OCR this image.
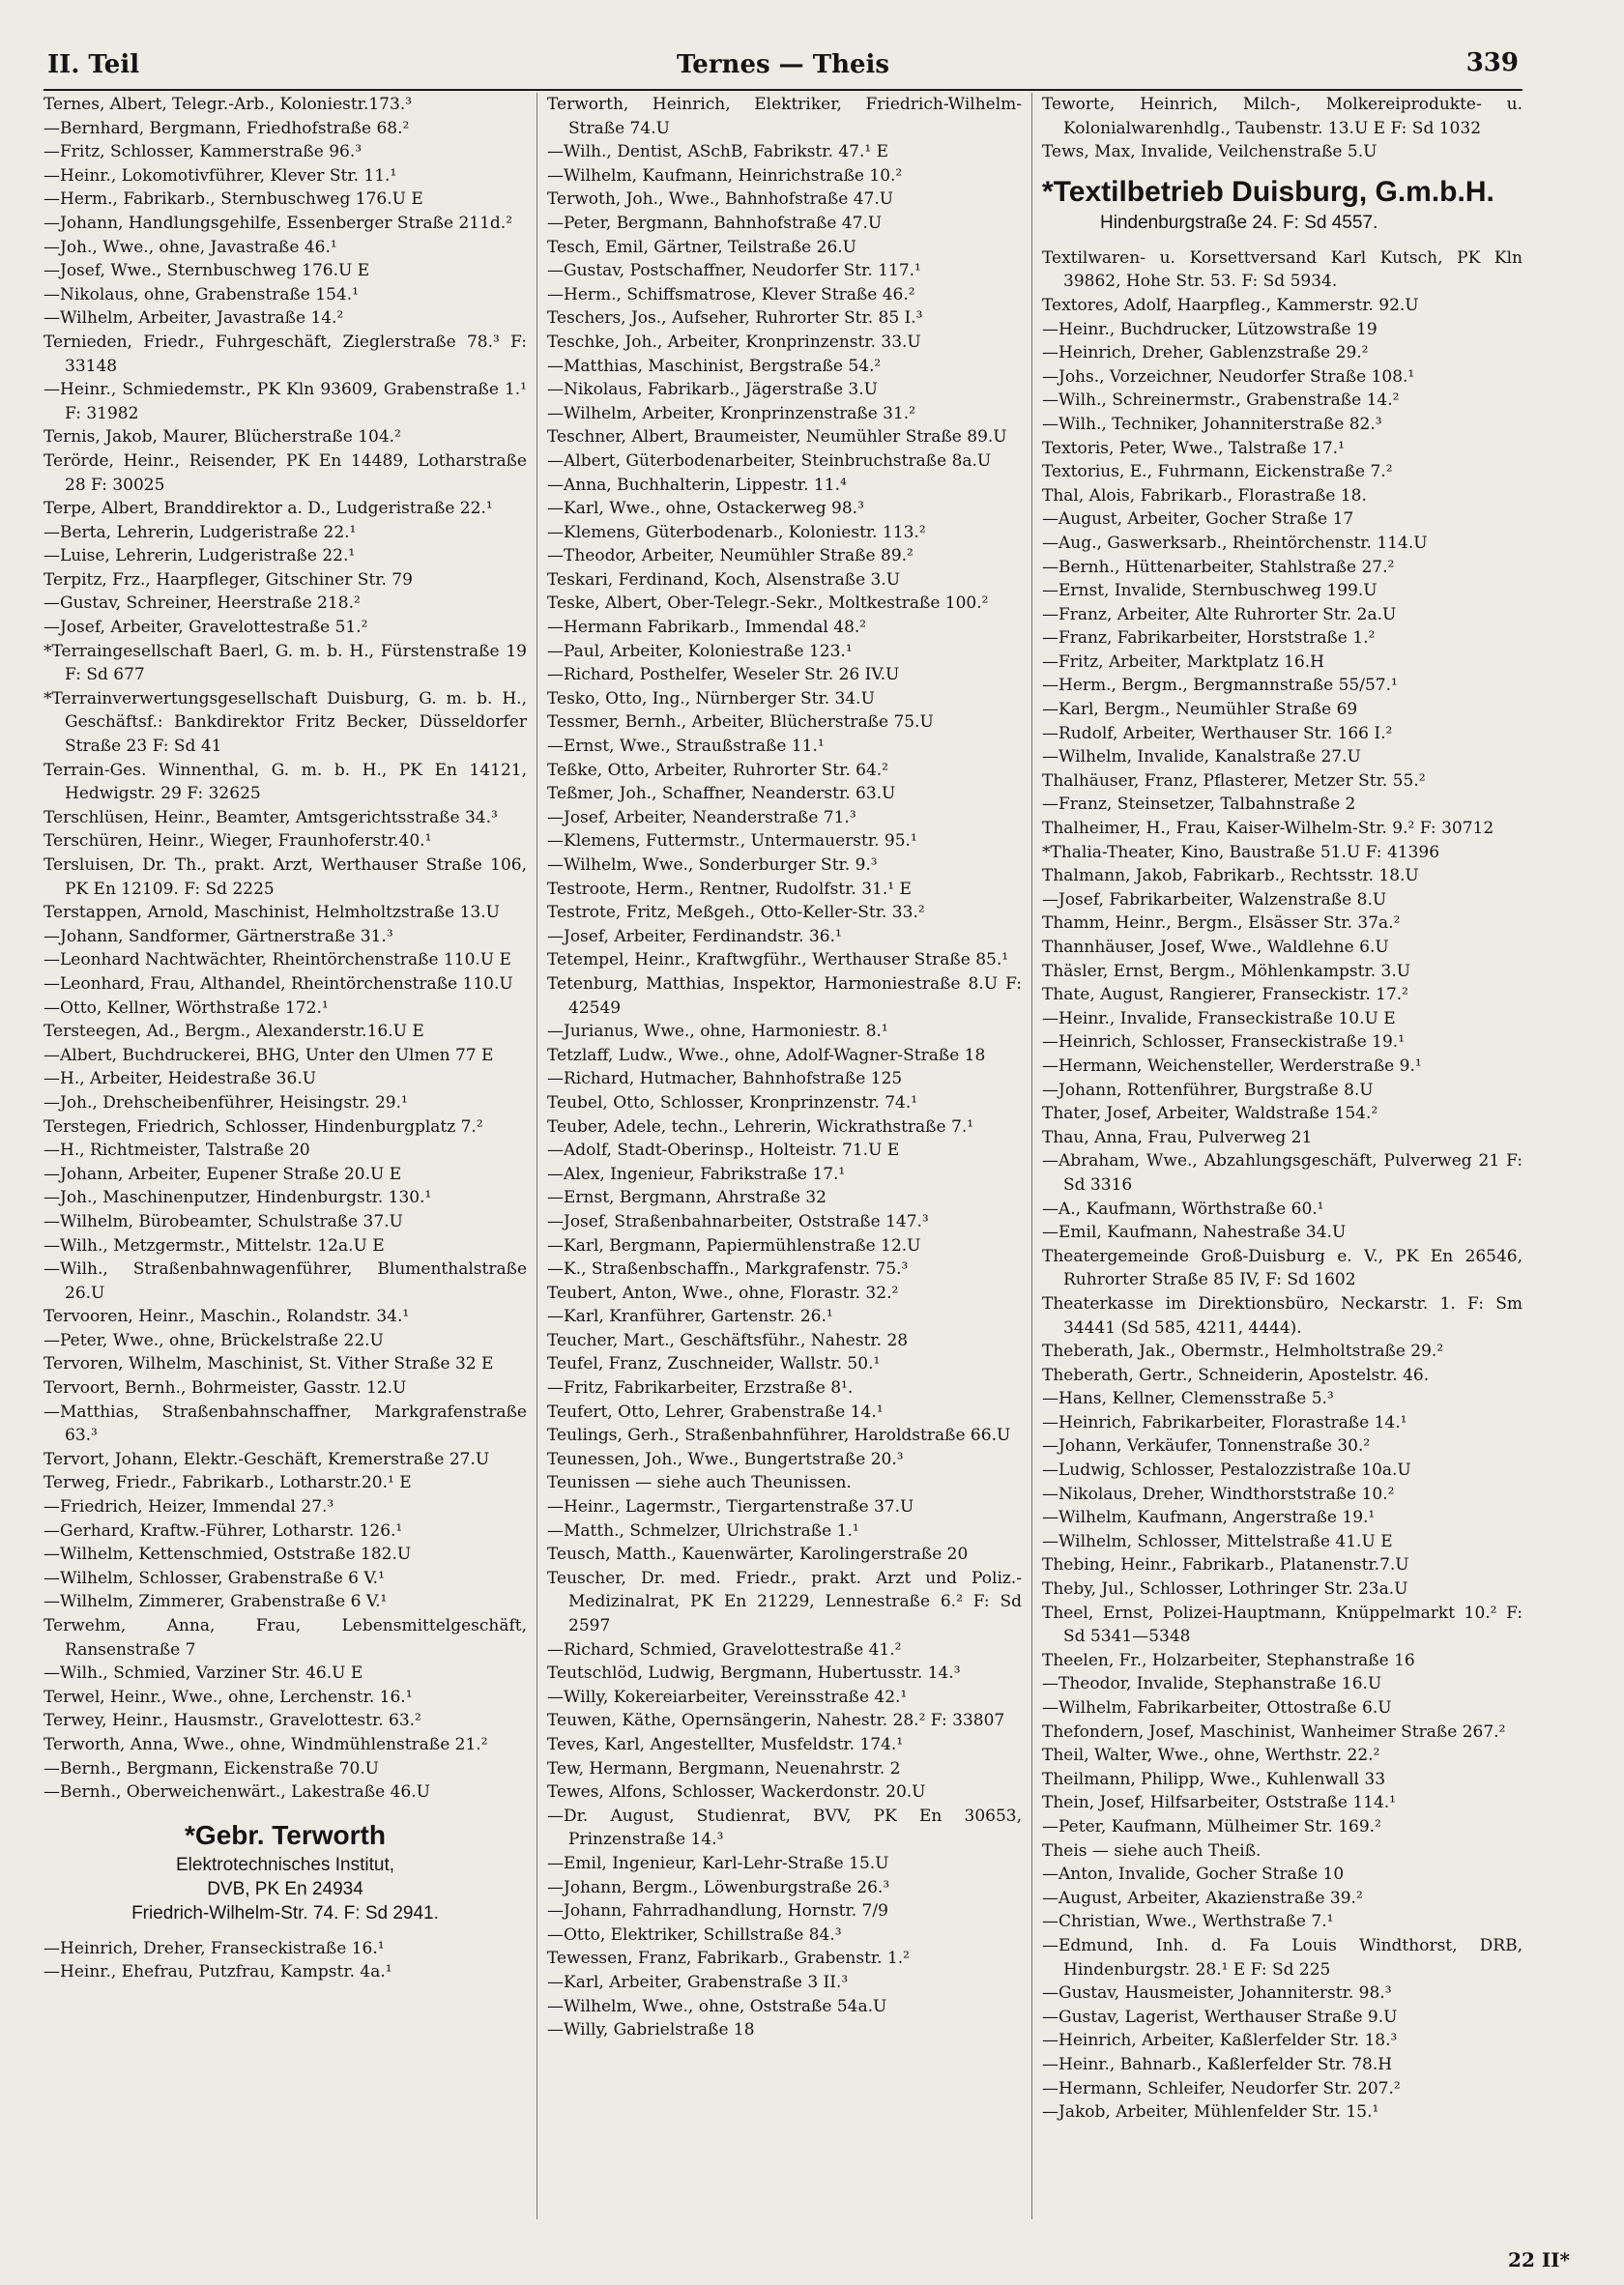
II. Teil	Ternes — Theis	339

Ternes, Albert, Telegr.-Arb., Koloniestr.173.³

—Bernhard, Bergmann, Friedhofstraße 68.²

—Fritz, Schlosser, Kammerstraße 96.³

—Heinr., Lokomotivführer, Klever Str. 11.¹

—Herm., Fabrikarb., Sternbuschweg 176.U E

—Johann, Handlungsgehilfe, Essenberger Straße 211d.²

—Joh., Wwe., ohne, Javastraße 46.¹

—Josef, Wwe., Sternbuschweg 176.U E

—Nikolaus, ohne, Grabenstraße 154.¹

—Wilhelm, Arbeiter, Javastraße 14.²

Ternieden, Friedr., Fuhrgeschäft, Zieglerstraße 78.³ F: 33148

—Heinr., Schmiedemstr., PK Kln 93609, Grabenstraße 1.¹ F: 31982

Ternis, Jakob, Maurer, Blücherstraße 104.²

Terörde, Heinr., Reisender, PK En 14489, Lotharstraße 28 F: 30025

Terpe, Albert, Branddirektor a. D., Ludgeristraße 22.¹

—Berta, Lehrerin, Ludgeristraße 22.¹

—Luise, Lehrerin, Ludgeristraße 22.¹

Terpitz, Frz., Haarpfleger, Gitschiner Str. 79

—Gustav, Schreiner, Heerstraße 218.²

—Josef, Arbeiter, Gravelottestraße 51.²

*Terraingesellschaft Baerl, G. m. b. H., Fürstenstraße 19 F: Sd 677

*Terrainverwertungsgesellschaft Duisburg, G. m. b. H., Geschäftsf.: Bankdirektor Fritz Becker, Düsseldorfer Straße 23 F: Sd 41

Terrain-Ges. Winnenthal, G. m. b. H., PK En 14121, Hedwigstr. 29 F: 32625

Terschlüsen, Heinr., Beamter, Amtsgerichtsstraße 34.³

Terschüren, Heinr., Wieger, Fraunhoferstr.40.¹

Tersluisen, Dr. Th., prakt. Arzt, Werthauser Straße 106, PK En 12109. F: Sd 2225

Terstappen, Arnold, Maschinist, Helmholtzstraße 13.U

—Johann, Sandformer, Gärtnerstraße 31.³

—Leonhard Nachtwächter, Rheintörchenstraße 110.U E

—Leonhard, Frau, Althandel, Rheintörchenstraße 110.U

—Otto, Kellner, Wörthstraße 172.¹

Tersteegen, Ad., Bergm., Alexanderstr.16.U E

—Albert, Buchdruckerei, BHG, Unter den Ulmen 77 E

—H., Arbeiter, Heidestraße 36.U

—Joh., Drehscheibenführer, Heisingstr. 29.¹

Terstegen, Friedrich, Schlosser, Hindenburgplatz 7.²

—H., Richtmeister, Talstraße 20

—Johann, Arbeiter, Eupener Straße 20.U E

—Joh., Maschinenputzer, Hindenburgstr. 130.¹

—Wilhelm, Bürobeamter, Schulstraße 37.U

—Wilh., Metzgermstr., Mittelstr. 12a.U E

—Wilh., Straßenbahnwagenführer, Blumenthalstraße 26.U

Tervooren, Heinr., Maschin., Rolandstr. 34.¹

—Peter, Wwe., ohne, Brückelstraße 22.U

Tervoren, Wilhelm, Maschinist, St. Vither Straße 32 E

Tervoort, Bernh., Bohrmeister, Gasstr. 12.U

—Matthias, Straßenbahnschaffner, Markgrafenstraße 63.³

Tervort, Johann, Elektr.-Geschäft, Kremerstraße 27.U

Terweg, Friedr., Fabrikarb., Lotharstr.20.¹ E

—Friedrich, Heizer, Immendal 27.³

—Gerhard, Kraftw.-Führer, Lotharstr. 126.¹

—Wilhelm, Kettenschmied, Oststraße 182.U

—Wilhelm, Schlosser, Grabenstraße 6 V.¹

—Wilhelm, Zimmerer, Grabenstraße 6 V.¹

Terwehm, Anna, Frau, Lebensmittelgeschäft, Ransenstraße 7

—Wilh., Schmied, Varziner Str. 46.U E

Terwel, Heinr., Wwe., ohne, Lerchenstr. 16.¹

Terwey, Heinr., Hausmstr., Gravelottestr. 63.²

Terworth, Anna, Wwe., ohne, Windmühlenstraße 21.²

—Bernh., Bergmann, Eickenstraße 70.U

—Bernh., Oberweichenwärt., Lakestraße 46.U

*Gebr. Terworth
Elektrotechnisches Institut,
DVB, PK En 24934
Friedrich-Wilhelm-Str. 74. F: Sd 2941.

—Heinrich, Dreher, Franseckistraße 16.¹

—Heinr., Ehefrau, Putzfrau, Kampstr. 4a.¹

Terworth, Heinrich, Elektriker, Friedrich-Wilhelm-Straße 74.U

—Wilh., Dentist, ASchB, Fabrikstr. 47.¹ E

—Wilhelm, Kaufmann, Heinrichstraße 10.²

Terwoth, Joh., Wwe., Bahnhofstraße 47.U

—Peter, Bergmann, Bahnhofstraße 47.U

Tesch, Emil, Gärtner, Teilstraße 26.U

—Gustav, Postschaffner, Neudorfer Str. 117.¹

—Herm., Schiffsmatrose, Klever Straße 46.²

Teschers, Jos., Aufseher, Ruhrorter Str. 85 I.³

Teschke, Joh., Arbeiter, Kronprinzenstr. 33.U

—Matthias, Maschinist, Bergstraße 54.²

—Nikolaus, Fabrikarb., Jägerstraße 3.U

—Wilhelm, Arbeiter, Kronprinzenstraße 31.²

Teschner, Albert, Braumeister, Neumühler Straße 89.U

—Albert, Güterbodenarbeiter, Steinbruchstraße 8a.U

—Anna, Buchhalterin, Lippestr. 11.⁴

—Karl, Wwe., ohne, Ostackerweg 98.³

—Klemens, Güterbodenarb., Koloniestr. 113.²

—Theodor, Arbeiter, Neumühler Straße 89.²

Teskari, Ferdinand, Koch, Alsenstraße 3.U

Teske, Albert, Ober-Telegr.-Sekr., Moltkestraße 100.²

—Hermann Fabrikarb., Immendal 48.²

—Paul, Arbeiter, Koloniestraße 123.¹

—Richard, Posthelfer, Weseler Str. 26 IV.U

Tesko, Otto, Ing., Nürnberger Str. 34.U

Tessmer, Bernh., Arbeiter, Blücherstraße 75.U

—Ernst, Wwe., Straußstraße 11.¹

Teßke, Otto, Arbeiter, Ruhrorter Str. 64.²

Teßmer, Joh., Schaffner, Neanderstr. 63.U

—Josef, Arbeiter, Neanderstraße 71.³

—Klemens, Futtermstr., Untermauerstr. 95.¹

—Wilhelm, Wwe., Sonderburger Str. 9.³

Testroote, Herm., Rentner, Rudolfstr. 31.¹ E

Testrote, Fritz, Meßgeh., Otto-Keller-Str. 33.²

—Josef, Arbeiter, Ferdinandstr. 36.¹

Tetempel, Heinr., Kraftwgführ., Werthauser Straße 85.¹

Tetenburg, Matthias, Inspektor, Harmoniestraße 8.U F: 42549

—Jurianus, Wwe., ohne, Harmoniestr. 8.¹

Tetzlaff, Ludw., Wwe., ohne, Adolf-Wagner-Straße 18

—Richard, Hutmacher, Bahnhofstraße 125

Teubel, Otto, Schlosser, Kronprinzenstr. 74.¹

Teuber, Adele, techn., Lehrerin, Wickrathstraße 7.¹

—Adolf, Stadt-Oberinsp., Holteistr. 71.U E

—Alex, Ingenieur, Fabrikstraße 17.¹

—Ernst, Bergmann, Ahrstraße 32

—Josef, Straßenbahnarbeiter, Oststraße 147.³

—Karl, Bergmann, Papiermühlenstraße 12.U

—K., Straßenbschaffn., Markgrafenstr. 75.³

Teubert, Anton, Wwe., ohne, Florastr. 32.²

—Karl, Kranführer, Gartenstr. 26.¹

Teucher, Mart., Geschäftsführ., Nahestr. 28

Teufel, Franz, Zuschneider, Wallstr. 50.¹

—Fritz, Fabrikarbeiter, Erzstraße 8¹.

Teufert, Otto, Lehrer, Grabenstraße 14.¹

Teulings, Gerh., Straßenbahnführer, Haroldstraße 66.U

Teunessen, Joh., Wwe., Bungertstraße 20.³

Teunissen — siehe auch Theunissen.

—Heinr., Lagermstr., Tiergartenstraße 37.U

—Matth., Schmelzer, Ulrichstraße 1.¹

Teusch, Matth., Kauenwärter, Karolingerstraße 20

Teuscher, Dr. med. Friedr., prakt. Arzt und Poliz.-Medizinalrat, PK En 21229, Lennestraße 6.² F: Sd 2597

—Richard, Schmied, Gravelottestraße 41.²

Teutschlöd, Ludwig, Bergmann, Hubertusstr. 14.³

—Willy, Kokereiarbeiter, Vereinsstraße 42.¹

Teuwen, Käthe, Opernsängerin, Nahestr. 28.² F: 33807

Teves, Karl, Angestellter, Musfeldstr. 174.¹

Tew, Hermann, Bergmann, Neuenahrstr. 2

Tewes, Alfons, Schlosser, Wackerdonstr. 20.U

—Dr. August, Studienrat, BVV, PK En 30653, Prinzenstraße 14.³

—Emil, Ingenieur, Karl-Lehr-Straße 15.U

—Johann, Bergm., Löwenburgstraße 26.³

—Johann, Fahrradhandlung, Hornstr. 7/9

—Otto, Elektriker, Schillstraße 84.³

Tewessen, Franz, Fabrikarb., Grabenstr. 1.²

—Karl, Arbeiter, Grabenstraße 3 II.³

—Wilhelm, Wwe., ohne, Oststraße 54a.U

—Willy, Gabrielstraße 18

Teworte, Heinrich, Milch-, Molkereiprodukte- u. Kolonialwarenhdlg., Taubenstr. 13.U E F: Sd 1032

Tews, Max, Invalide, Veilchenstraße 5.U

*Textilbetrieb Duisburg, G.m.b.H.
Hindenburgstraße 24. F: Sd 4557.

Textilwaren- u. Korsettversand Karl Kutsch, PK Kln 39862, Hohe Str. 53. F: Sd 5934.

Textores, Adolf, Haarpfleg., Kammerstr. 92.U

—Heinr., Buchdrucker, Lützowstraße 19

—Heinrich, Dreher, Gablenzstraße 29.²

—Johs., Vorzeichner, Neudorfer Straße 108.¹

—Wilh., Schreinermstr., Grabenstraße 14.²

—Wilh., Techniker, Johanniterstraße 82.³

Textoris, Peter, Wwe., Talstraße 17.¹

Textorius, E., Fuhrmann, Eickenstraße 7.²

Thal, Alois, Fabrikarb., Florastraße 18.

—August, Arbeiter, Gocher Straße 17

—Aug., Gaswerksarb., Rheintörchenstr. 114.U

—Bernh., Hüttenarbeiter, Stahlstraße 27.²

—Ernst, Invalide, Sternbuschweg 199.U

—Franz, Arbeiter, Alte Ruhrorter Str. 2a.U

—Franz, Fabrikarbeiter, Horststraße 1.²

—Fritz, Arbeiter, Marktplatz 16.H

—Herm., Bergm., Bergmannstraße 55/57.¹

—Karl, Bergm., Neumühler Straße 69

—Rudolf, Arbeiter, Werthauser Str. 166 I.²

—Wilhelm, Invalide, Kanalstraße 27.U

Thalhäuser, Franz, Pflasterer, Metzer Str. 55.²

—Franz, Steinsetzer, Talbahnstraße 2

Thalheimer, H., Frau, Kaiser-Wilhelm-Str. 9.² F: 30712

*Thalia-Theater, Kino, Baustraße 51.U F: 41396

Thalmann, Jakob, Fabrikarb., Rechtsstr. 18.U

—Josef, Fabrikarbeiter, Walzenstraße 8.U

Thamm, Heinr., Bergm., Elsässer Str. 37a.²

Thannhäuser, Josef, Wwe., Waldlehne 6.U

Thäsler, Ernst, Bergm., Möhlenkampstr. 3.U

Thate, August, Rangierer, Franseckistr. 17.²

—Heinr., Invalide, Franseckistraße 10.U E

—Heinrich, Schlosser, Franseckistraße 19.¹

—Hermann, Weichensteller, Werderstraße 9.¹

—Johann, Rottenführer, Burgstraße 8.U

Thater, Josef, Arbeiter, Waldstraße 154.²

Thau, Anna, Frau, Pulverweg 21

—Abraham, Wwe., Abzahlungsgeschäft, Pulverweg 21 F: Sd 3316

—A., Kaufmann, Wörthstraße 60.¹

—Emil, Kaufmann, Nahestraße 34.U

Theatergemeinde Groß-Duisburg e. V., PK En 26546, Ruhrorter Straße 85 IV, F: Sd 1602

Theaterkasse im Direktionsbüro, Neckarstr. 1. F: Sm 34441 (Sd 585, 4211, 4444).

Theberath, Jak., Obermstr., Helmholtstraße 29.²

Theberath, Gertr., Schneiderin, Apostelstr. 46.

—Hans, Kellner, Clemensstraße 5.³

—Heinrich, Fabrikarbeiter, Florastraße 14.¹

—Johann, Verkäufer, Tonnenstraße 30.²

—Ludwig, Schlosser, Pestalozzistraße 10a.U

—Nikolaus, Dreher, Windthorststraße 10.²

—Wilhelm, Kaufmann, Angerstraße 19.¹

—Wilhelm, Schlosser, Mittelstraße 41.U E

Thebing, Heinr., Fabrikarb., Platanenstr.7.U

Theby, Jul., Schlosser, Lothringer Str. 23a.U

Theel, Ernst, Polizei-Hauptmann, Knüppelmarkt 10.² F: Sd 5341—5348

Theelen, Fr., Holzarbeiter, Stephanstraße 16

—Theodor, Invalide, Stephanstraße 16.U

—Wilhelm, Fabrikarbeiter, Ottostraße 6.U

Thefondern, Josef, Maschinist, Wanheimer Straße 267.²

Theil, Walter, Wwe., ohne, Werthstr. 22.²

Theilmann, Philipp, Wwe., Kuhlenwall 33

Thein, Josef, Hilfsarbeiter, Oststraße 114.¹

—Peter, Kaufmann, Mülheimer Str. 169.²

Theis — siehe auch Theiß.

—Anton, Invalide, Gocher Straße 10

—August, Arbeiter, Akazienstraße 39.²

—Christian, Wwe., Werthstraße 7.¹

—Edmund, Inh. d. Fa Louis Windthorst, DRB, Hindenburgstr. 28.¹ E F: Sd 225

—Gustav, Hausmeister, Johanniterstr. 98.³

—Gustav, Lagerist, Werthauser Straße 9.U

—Heinrich, Arbeiter, Kaßlerfelder Str. 18.³

—Heinr., Bahnarb., Kaßlerfelder Str. 78.H

—Hermann, Schleifer, Neudorfer Str. 207.²

—Jakob, Arbeiter, Mühlenfelder Str. 15.¹

22 II*
